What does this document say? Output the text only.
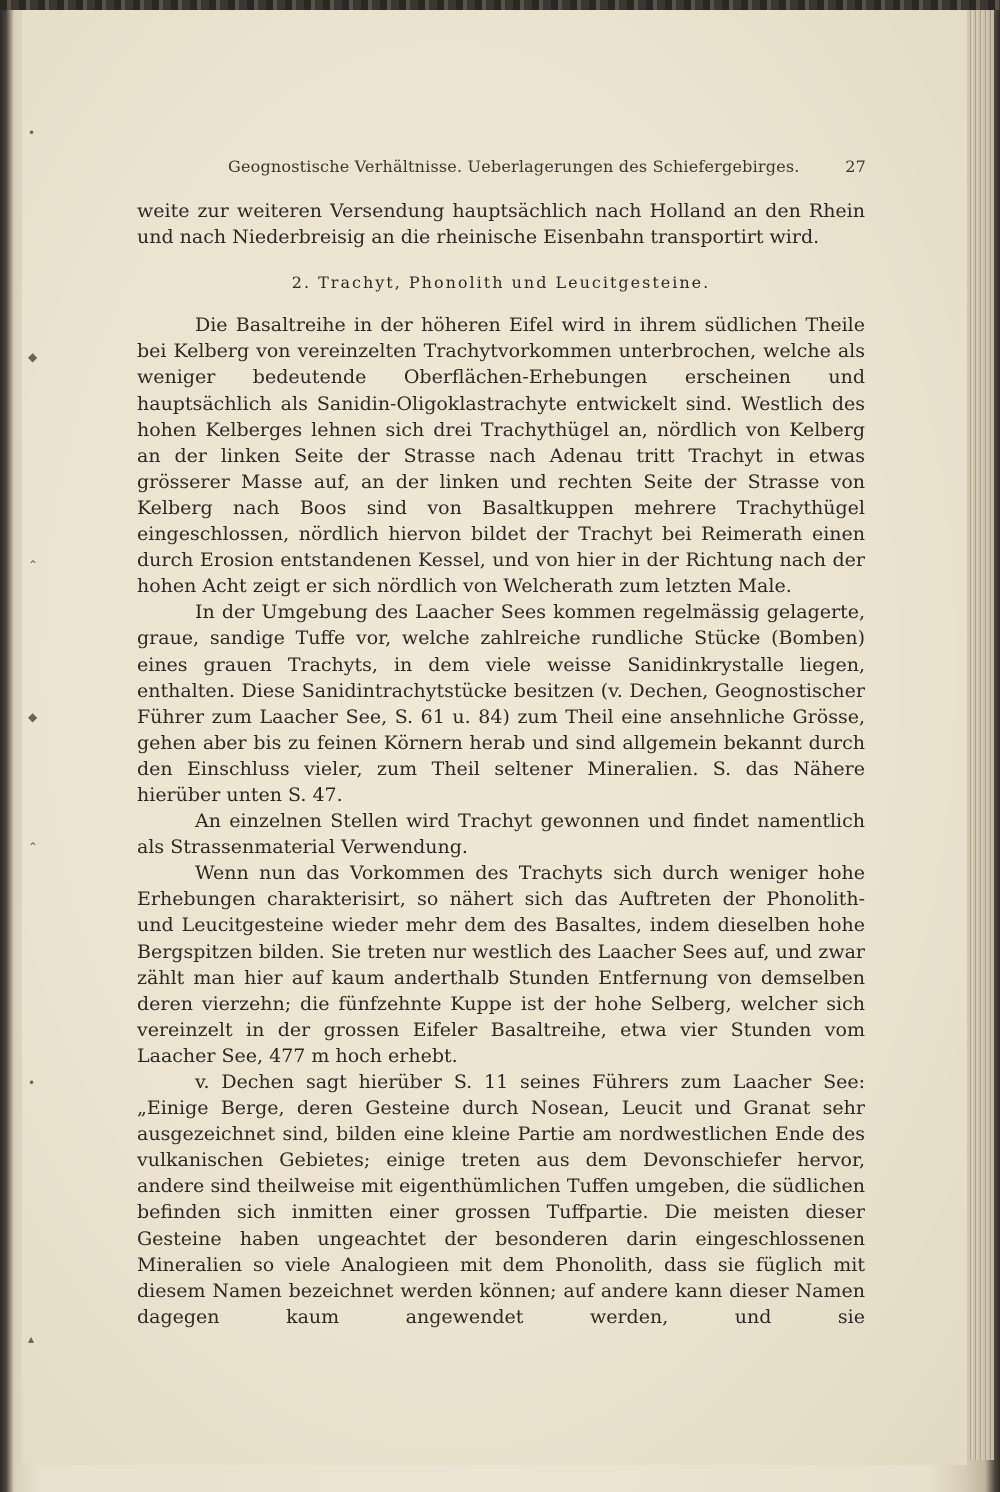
•
◆
⌃
◆
⌃
•
▴
Geognostische Verhältnisse. Ueberlagerungen des Schiefergebirges.	27

weite zur weiteren Versendung hauptsächlich nach Holland an den Rhein und nach Niederbreisig an die rheinische Eisenbahn transportirt wird.

2. Trachyt, Phonolith und Leucitgesteine.

Die Basaltreihe in der höheren Eifel wird in ihrem südlichen Theile bei Kelberg von vereinzelten Trachytvorkommen unterbrochen, welche als weniger bedeutende Oberflächen-Erhebungen erscheinen und hauptsächlich als Sanidin-Oligoklastrachyte entwickelt sind. Westlich des hohen Kelberges lehnen sich drei Trachythügel an, nördlich von Kelberg an der linken Seite der Strasse nach Adenau tritt Trachyt in etwas grösserer Masse auf, an der linken und rechten Seite der Strasse von Kelberg nach Boos sind von Basaltkuppen mehrere Trachythügel eingeschlossen, nördlich hiervon bildet der Trachyt bei Reimerath einen durch Erosion entstandenen Kessel, und von hier in der Richtung nach der hohen Acht zeigt er sich nördlich von Welcherath zum letzten Male.

In der Umgebung des Laacher Sees kommen regelmässig gelagerte, graue, sandige Tuffe vor, welche zahlreiche rundliche Stücke (Bomben) eines grauen Trachyts, in dem viele weisse Sanidinkrystalle liegen, enthalten. Diese Sanidintrachytstücke besitzen (v. Dechen, Geognostischer Führer zum Laacher See, S. 61 u. 84) zum Theil eine ansehnliche Grösse, gehen aber bis zu feinen Körnern herab und sind allgemein bekannt durch den Einschluss vieler, zum Theil seltener Mineralien. S. das Nähere hierüber unten S. 47.

An einzelnen Stellen wird Trachyt gewonnen und findet namentlich als Strassenmaterial Verwendung.

Wenn nun das Vorkommen des Trachyts sich durch weniger hohe Erhebungen charakterisirt, so nähert sich das Auftreten der Phonolith- und Leucitgesteine wieder mehr dem des Basaltes, indem dieselben hohe Bergspitzen bilden. Sie treten nur westlich des Laacher Sees auf, und zwar zählt man hier auf kaum anderthalb Stunden Entfernung von demselben deren vierzehn; die fünfzehnte Kuppe ist der hohe Selberg, welcher sich vereinzelt in der grossen Eifeler Basaltreihe, etwa vier Stunden vom Laacher See, 477 m hoch erhebt.

v. Dechen sagt hierüber S. 11 seines Führers zum Laacher See: „Einige Berge, deren Gesteine durch Nosean, Leucit und Granat sehr ausgezeichnet sind, bilden eine kleine Partie am nordwestlichen Ende des vulkanischen Gebietes; einige treten aus dem Devonschiefer hervor, andere sind theilweise mit eigenthümlichen Tuffen umgeben, die südlichen befinden sich inmitten einer grossen Tuffpartie. Die meisten dieser Gesteine haben ungeachtet der besonderen darin eingeschlossenen Mineralien so viele Analogieen mit dem Phonolith, dass sie füglich mit diesem Namen bezeichnet werden können; auf andere kann dieser Namen dagegen kaum angewendet werden, und sie
